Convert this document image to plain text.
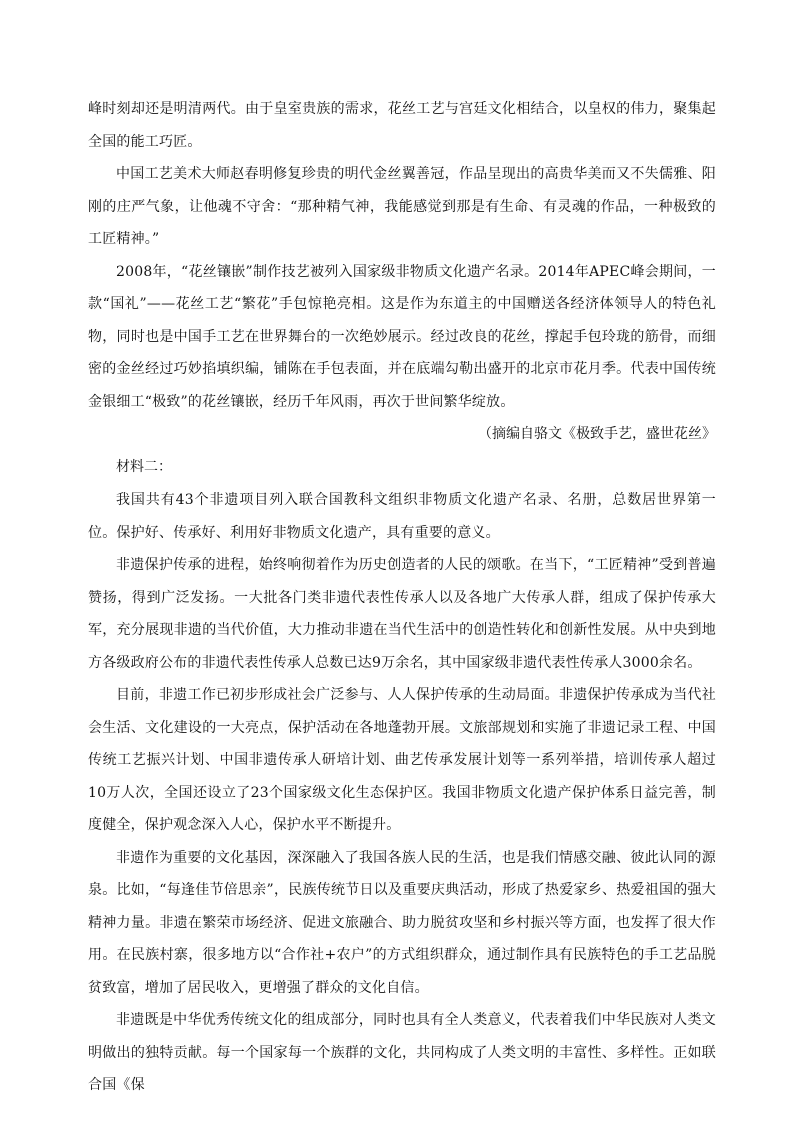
峰时刻却还是明清两代。由于皇室贵族的需求，花丝工艺与宫廷文化相结合，以皇权的伟力，聚集起全国的能工巧匠。

中国工艺美术大师赵春明修复珍贵的明代金丝翼善冠，作品呈现出的高贵华美而又不失儒雅、阳刚的庄严气象，让他魂不守舍：“那种精气神，我能感觉到那是有生命、有灵魂的作品，一种极致的工匠精神。”

2008年，“花丝镶嵌”制作技艺被列入国家级非物质文化遗产名录。2014年APEC峰会期间，一款“国礼”——花丝工艺“繁花”手包惊艳亮相。这是作为东道主的中国赠送各经济体领导人的特色礼物，同时也是中国手工艺在世界舞台的一次绝妙展示。经过改良的花丝，撑起手包玲珑的筋骨，而细密的金丝经过巧妙掐填织编，铺陈在手包表面，并在底端勾勒出盛开的北京市花月季。代表中国传统金银细工“极致”的花丝镶嵌，经历千年风雨，再次于世间繁华绽放。

（摘编自骆文《极致手艺，盛世花丝》

材料二：

我国共有43个非遗项目列入联合国教科文组织非物质文化遗产名录、名册，总数居世界第一位。保护好、传承好、利用好非物质文化遗产，具有重要的意义。

非遗保护传承的进程，始终响彻着作为历史创造者的人民的颂歌。在当下，“工匠精神”受到普遍赞扬，得到广泛发扬。一大批各门类非遗代表性传承人以及各地广大传承人群，组成了保护传承大军，充分展现非遗的当代价值，大力推动非遗在当代生活中的创造性转化和创新性发展。从中央到地方各级政府公布的非遗代表性传承人总数已达9万余名，其中国家级非遗代表性传承人3000余名。

目前，非遗工作已初步形成社会广泛参与、人人保护传承的生动局面。非遗保护传承成为当代社会生活、文化建设的一大亮点，保护活动在各地蓬勃开展。文旅部规划和实施了非遗记录工程、中国传统工艺振兴计划、中国非遗传承人研培计划、曲艺传承发展计划等一系列举措，培训传承人超过10万人次，全国还设立了23个国家级文化生态保护区。我国非物质文化遗产保护体系日益完善，制度健全，保护观念深入人心，保护水平不断提升。

非遗作为重要的文化基因，深深融入了我国各族人民的生活，也是我们情感交融、彼此认同的源泉。比如，“每逢佳节倍思亲”，民族传统节日以及重要庆典活动，形成了热爱家乡、热爱祖国的强大精神力量。非遗在繁荣市场经济、促进文旅融合、助力脱贫攻坚和乡村振兴等方面，也发挥了很大作用。在民族村寨，很多地方以“合作社+农户”的方式组织群众，通过制作具有民族特色的手工艺品脱贫致富，增加了居民收入，更增强了群众的文化自信。

非遗既是中华优秀传统文化的组成部分，同时也具有全人类意义，代表着我们中华民族对人类文明做出的独特贡献。每一个国家每一个族群的文化，共同构成了人类文明的丰富性、多样性。正如联合国《保
